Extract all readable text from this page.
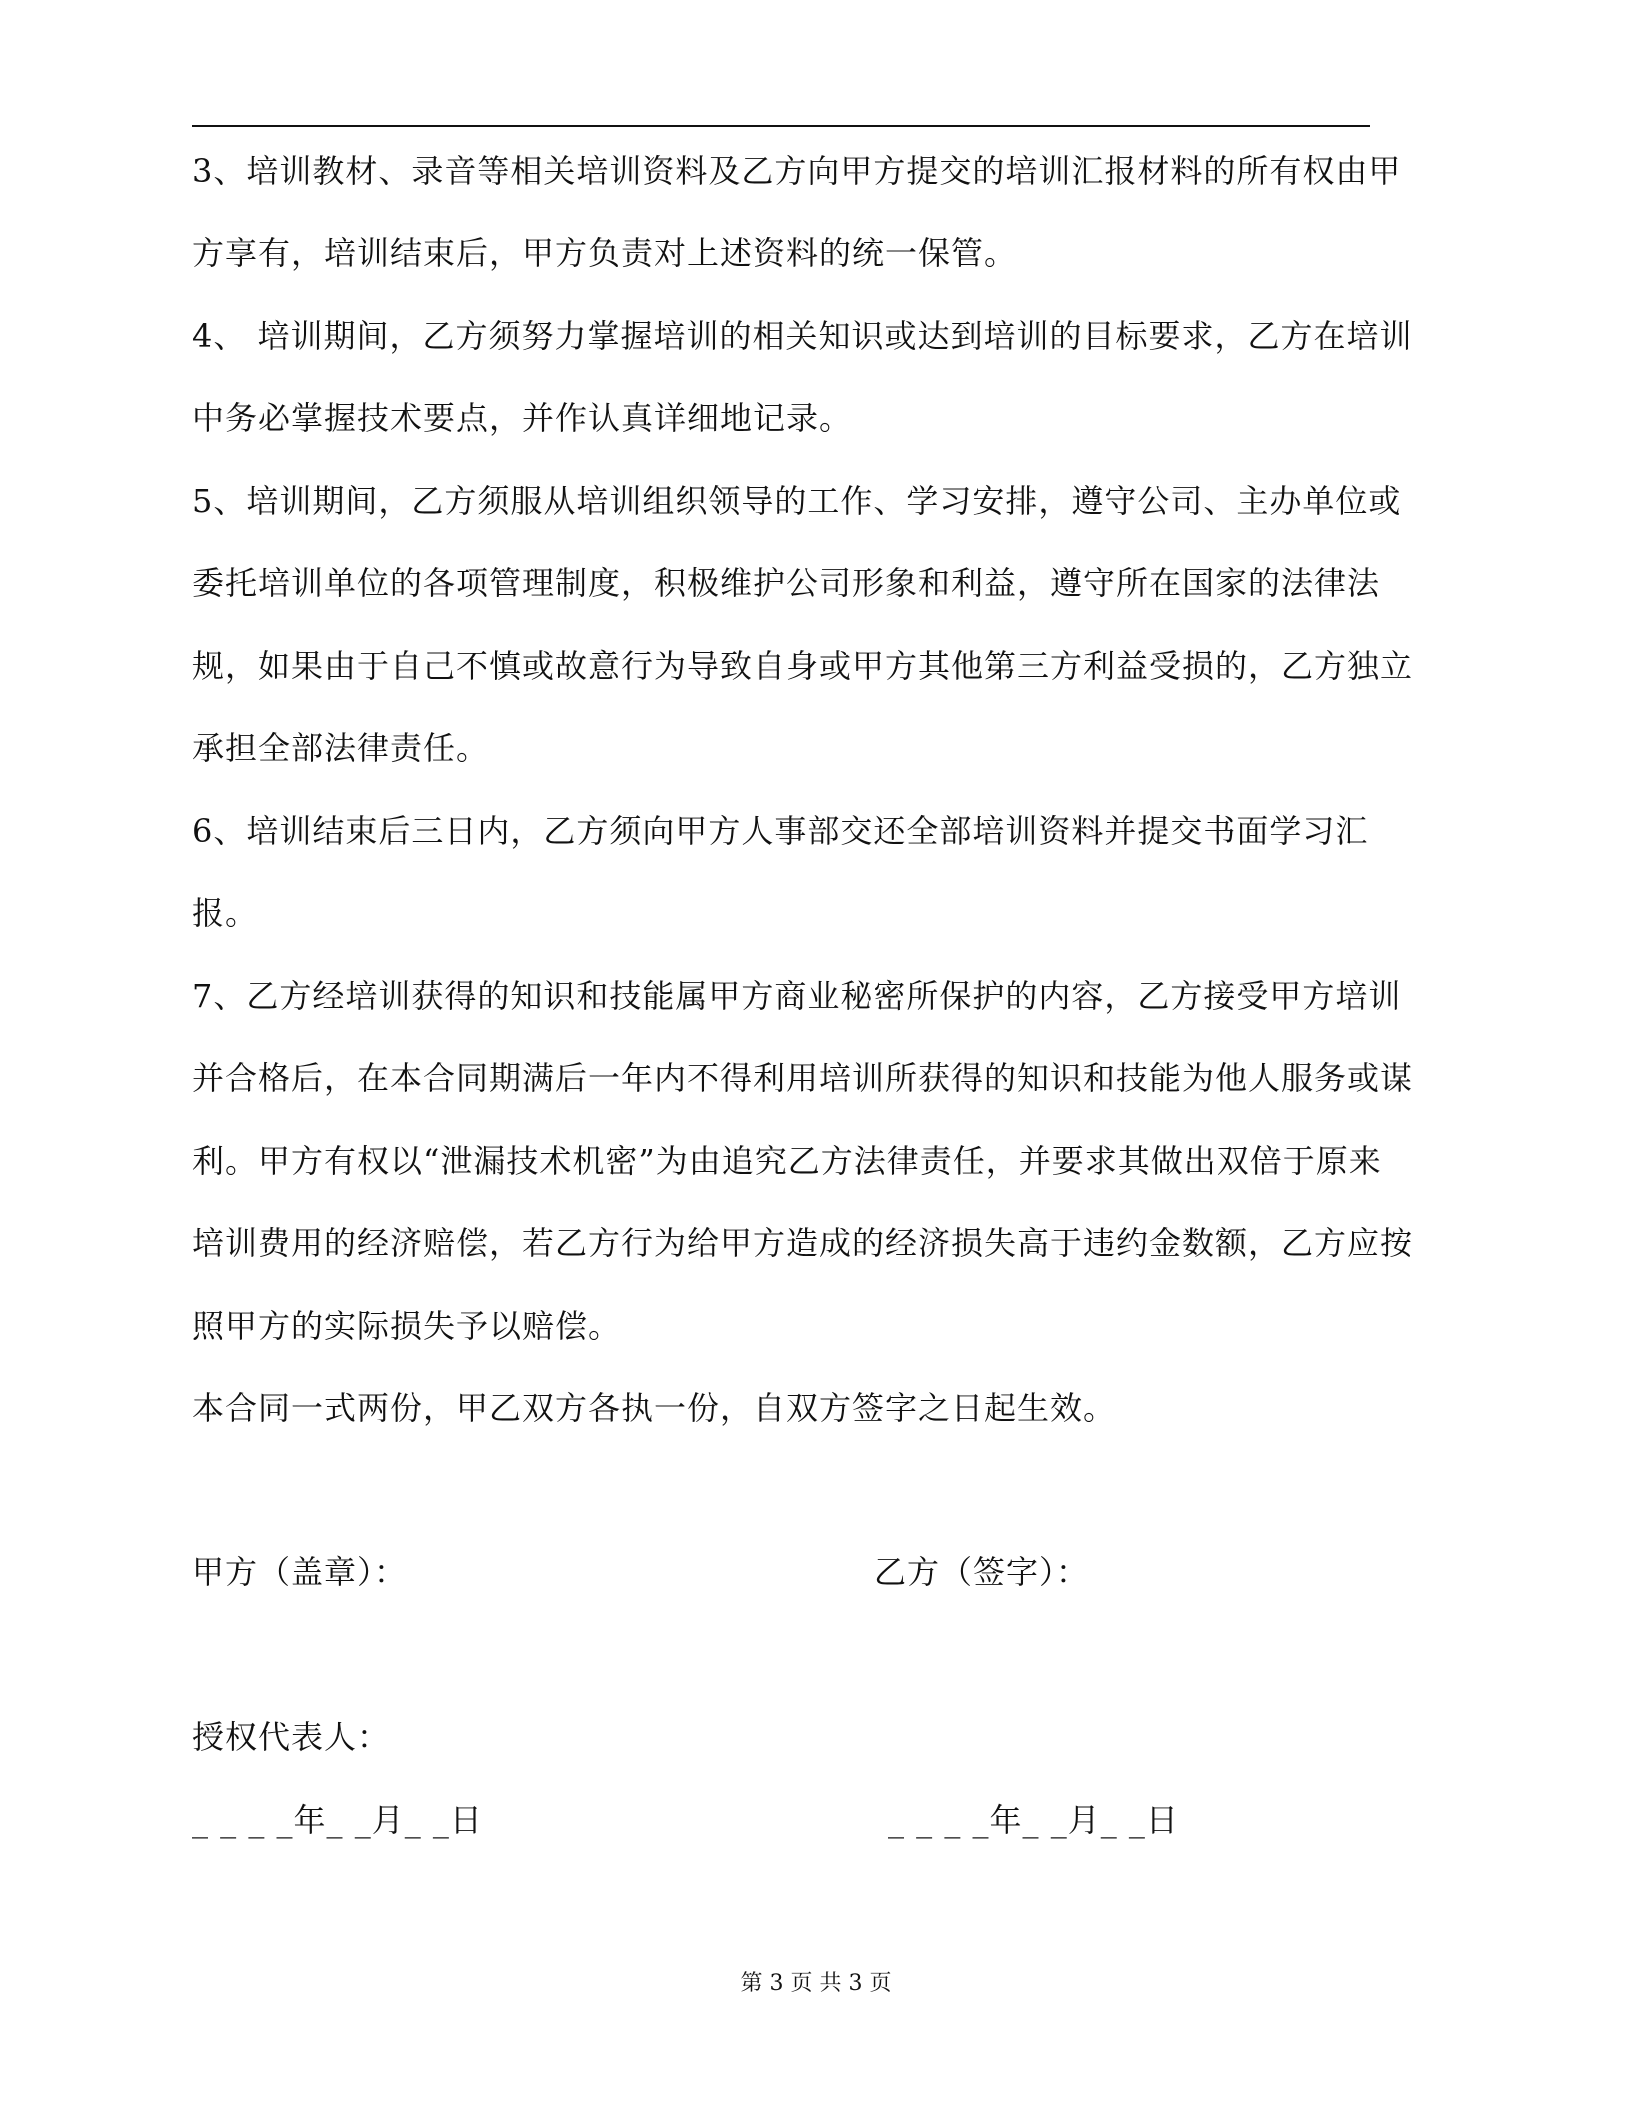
3、培训教材、录音等相关培训资料及乙方向甲方提交的培训汇报材料的所有权由甲
方享有，培训结束后，甲方负责对上述资料的统一保管。
4、 培训期间，乙方须努力掌握培训的相关知识或达到培训的目标要求，乙方在培训
中务必掌握技术要点，并作认真详细地记录。
5、培训期间，乙方须服从培训组织领导的工作、学习安排，遵守公司、主办单位或
委托培训单位的各项管理制度，积极维护公司形象和利益，遵守所在国家的法律法
规，如果由于自己不慎或故意行为导致自身或甲方其他第三方利益受损的，乙方独立
承担全部法律责任。
6、培训结束后三日内，乙方须向甲方人事部交还全部培训资料并提交书面学习汇
报。
7、乙方经培训获得的知识和技能属甲方商业秘密所保护的内容，乙方接受甲方培训
并合格后，在本合同期满后一年内不得利用培训所获得的知识和技能为他人服务或谋
利。甲方有权以“泄漏技术机密”为由追究乙方法律责任，并要求其做出双倍于原来
培训费用的经济赔偿，若乙方行为给甲方造成的经济损失高于违约金数额，乙方应按
照甲方的实际损失予以赔偿。
本合同一式两份，甲乙双方各执一份，自双方签字之日起生效。
甲方（盖章）：	乙方（签字）：
授权代表人：
_ _ _ _年_ _月_ _日	_ _ _ _年_ _月_ _日
第 3 页 共 3 页
